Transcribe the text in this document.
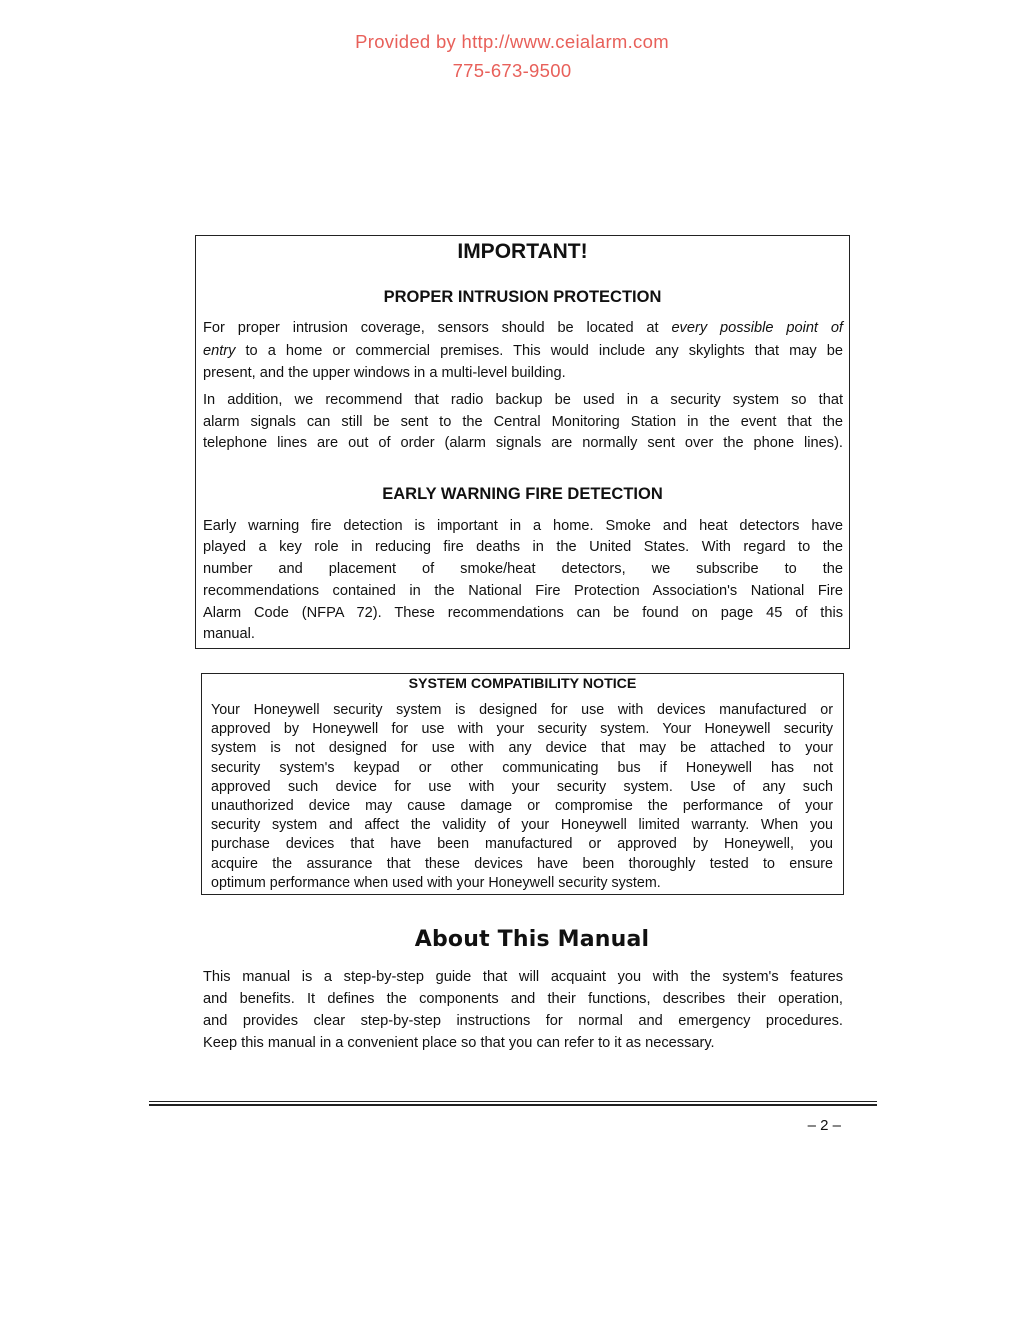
Provided by http://www.ceialarm.com
775-673-9500
IMPORTANT!
PROPER INTRUSION PROTECTION
For proper intrusion coverage, sensors should be located at every possible point of
entry to a home or commercial premises. This would include any skylights that may be
present, and the upper windows in a multi-level building.
In addition, we recommend that radio backup be used in a security system so that
alarm signals can still be sent to the Central Monitoring Station in the event that the
telephone lines are out of order (alarm signals are normally sent over the phone lines).
EARLY WARNING FIRE DETECTION
Early warning fire detection is important in a home. Smoke and heat detectors have
played a key role in reducing fire deaths in the United States. With regard to the
number and placement of smoke/heat detectors, we subscribe to the
recommendations contained in the National Fire Protection Association's National Fire
Alarm Code (NFPA 72). These recommendations can be found on page 45 of this
manual.
SYSTEM COMPATIBILITY NOTICE
Your Honeywell security system is designed for use with devices manufactured or
approved by Honeywell for use with your security system. Your Honeywell security
system is not designed for use with any device that may be attached to your
security system's keypad or other communicating bus if Honeywell has not
approved such device for use with your security system. Use of any such
unauthorized device may cause damage or compromise the performance of your
security system and affect the validity of your Honeywell limited warranty. When you
purchase devices that have been manufactured or approved by Honeywell, you
acquire the assurance that these devices have been thoroughly tested to ensure
optimum performance when used with your Honeywell security system.
About This Manual
This manual is a step-by-step guide that will acquaint you with the system's features
and benefits. It defines the components and their functions, describes their operation,
and provides clear step-by-step instructions for normal and emergency procedures.
Keep this manual in a convenient place so that you can refer to it as necessary.
– 2 –
